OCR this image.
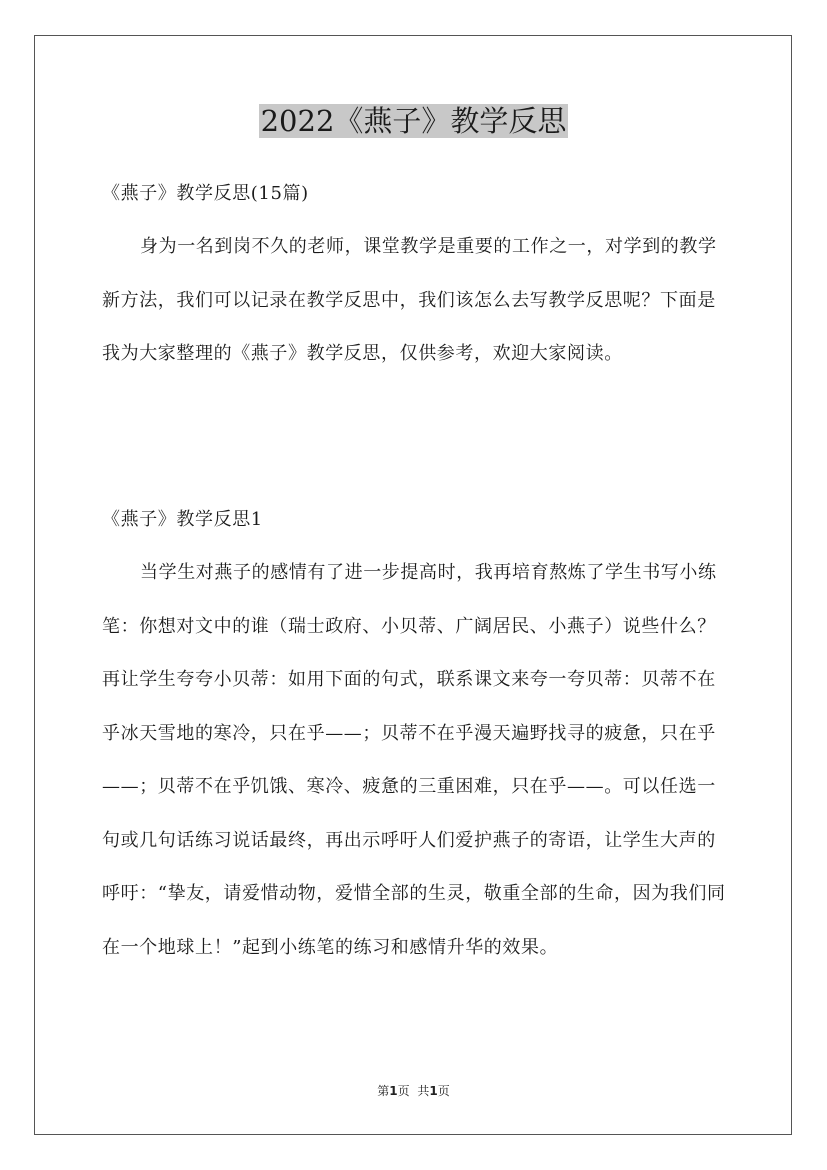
2022《燕子》教学反思

《燕子》教学反思(15篇)

身为一名到岗不久的老师，课堂教学是重要的工作之一，对学到的教学新方法，我们可以记录在教学反思中，我们该怎么去写教学反思呢？下面是我为大家整理的《燕子》教学反思，仅供参考，欢迎大家阅读。

《燕子》教学反思1

当学生对燕子的感情有了进一步提高时，我再培育熬炼了学生书写小练笔：你想对文中的谁（瑞士政府、小贝蒂、广阔居民、小燕子）说些什么？再让学生夸夸小贝蒂：如用下面的句式，联系课文来夸一夸贝蒂：贝蒂不在乎冰天雪地的寒冷，只在乎——；贝蒂不在乎漫天遍野找寻的疲惫，只在乎——；贝蒂不在乎饥饿、寒冷、疲惫的三重困难，只在乎——。可以任选一句或几句话练习说话最终，再出示呼吁人们爱护燕子的寄语，让学生大声的呼吁：“挚友，请爱惜动物，爱惜全部的生灵，敬重全部的生命，因为我们同在一个地球上！”起到小练笔的练习和感情升华的效果。

第1页 共1页
